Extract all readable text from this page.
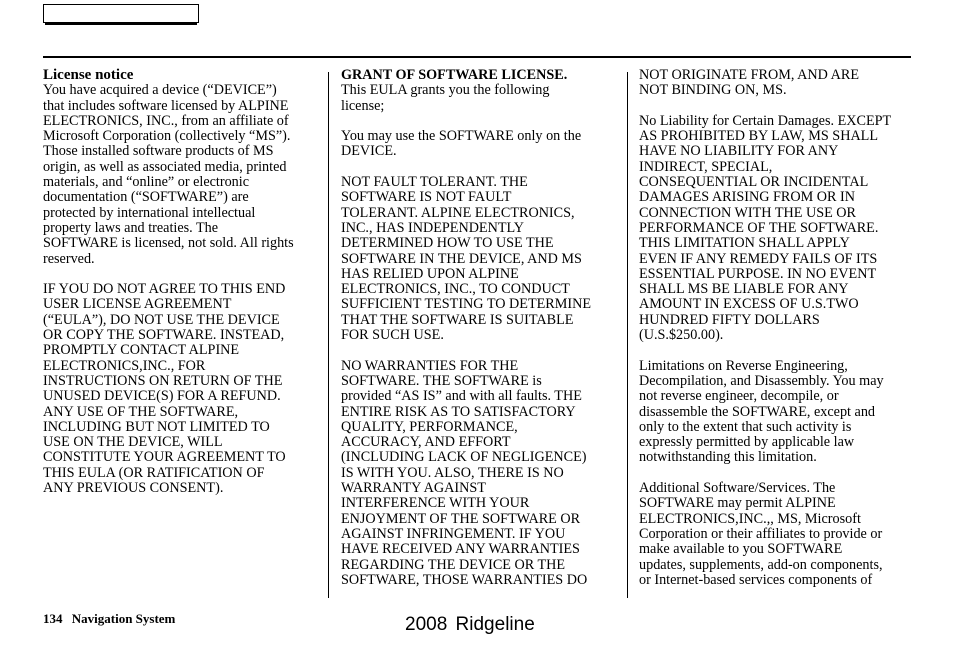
License notice

You have acquired a device (“DEVICE”)
that includes software licensed by ALPINE
ELECTRONICS, INC., from an affiliate of
Microsoft Corporation (collectively “MS”).
Those installed software products of MS
origin, as well as associated media, printed
materials, and “online” or electronic
documentation (“SOFTWARE”) are
protected by international intellectual
property laws and treaties. The
SOFTWARE is licensed, not sold. All rights
reserved.

IF YOU DO NOT AGREE TO THIS END
USER LICENSE AGREEMENT
(“EULA”), DO NOT USE THE DEVICE
OR COPY THE SOFTWARE. INSTEAD,
PROMPTLY CONTACT ALPINE
ELECTRONICS,INC., FOR
INSTRUCTIONS ON RETURN OF THE
UNUSED DEVICE(S) FOR A REFUND.
ANY USE OF THE SOFTWARE,
INCLUDING BUT NOT LIMITED TO
USE ON THE DEVICE, WILL
CONSTITUTE YOUR AGREEMENT TO
THIS EULA (OR RATIFICATION OF
ANY PREVIOUS CONSENT).

GRANT OF SOFTWARE LICENSE.

This EULA grants you the following
license;

You may use the SOFTWARE only on the
DEVICE.

NOT FAULT TOLERANT. THE
SOFTWARE IS NOT FAULT
TOLERANT. ALPINE ELECTRONICS,
INC., HAS INDEPENDENTLY
DETERMINED HOW TO USE THE
SOFTWARE IN THE DEVICE, AND MS
HAS RELIED UPON ALPINE
ELECTRONICS, INC., TO CONDUCT
SUFFICIENT TESTING TO DETERMINE
THAT THE SOFTWARE IS SUITABLE
FOR SUCH USE.

NO WARRANTIES FOR THE
SOFTWARE. THE SOFTWARE is
provided “AS IS” and with all faults. THE
ENTIRE RISK AS TO SATISFACTORY
QUALITY, PERFORMANCE,
ACCURACY, AND EFFORT
(INCLUDING LACK OF NEGLIGENCE)
IS WITH YOU. ALSO, THERE IS NO
WARRANTY AGAINST
INTERFERENCE WITH YOUR
ENJOYMENT OF THE SOFTWARE OR
AGAINST INFRINGEMENT. IF YOU
HAVE RECEIVED ANY WARRANTIES
REGARDING THE DEVICE OR THE
SOFTWARE, THOSE WARRANTIES DO

NOT ORIGINATE FROM, AND ARE
NOT BINDING ON, MS.

No Liability for Certain Damages. EXCEPT
AS PROHIBITED BY LAW, MS SHALL
HAVE NO LIABILITY FOR ANY
INDIRECT, SPECIAL,
CONSEQUENTIAL OR INCIDENTAL
DAMAGES ARISING FROM OR IN
CONNECTION WITH THE USE OR
PERFORMANCE OF THE SOFTWARE.
THIS LIMITATION SHALL APPLY
EVEN IF ANY REMEDY FAILS OF ITS
ESSENTIAL PURPOSE. IN NO EVENT
SHALL MS BE LIABLE FOR ANY
AMOUNT IN EXCESS OF U.S.TWO
HUNDRED FIFTY DOLLARS
(U.S.$250.00).

Limitations on Reverse Engineering,
Decompilation, and Disassembly. You may
not reverse engineer, decompile, or
disassemble the SOFTWARE, except and
only to the extent that such activity is
expressly permitted by applicable law
notwithstanding this limitation.

Additional Software/Services. The
SOFTWARE may permit ALPINE
ELECTRONICS,INC.,, MS, Microsoft
Corporation or their affiliates to provide or
make available to you SOFTWARE
updates, supplements, add-on components,
or Internet-based services components of

134 Navigation System	2008 Ridgeline
